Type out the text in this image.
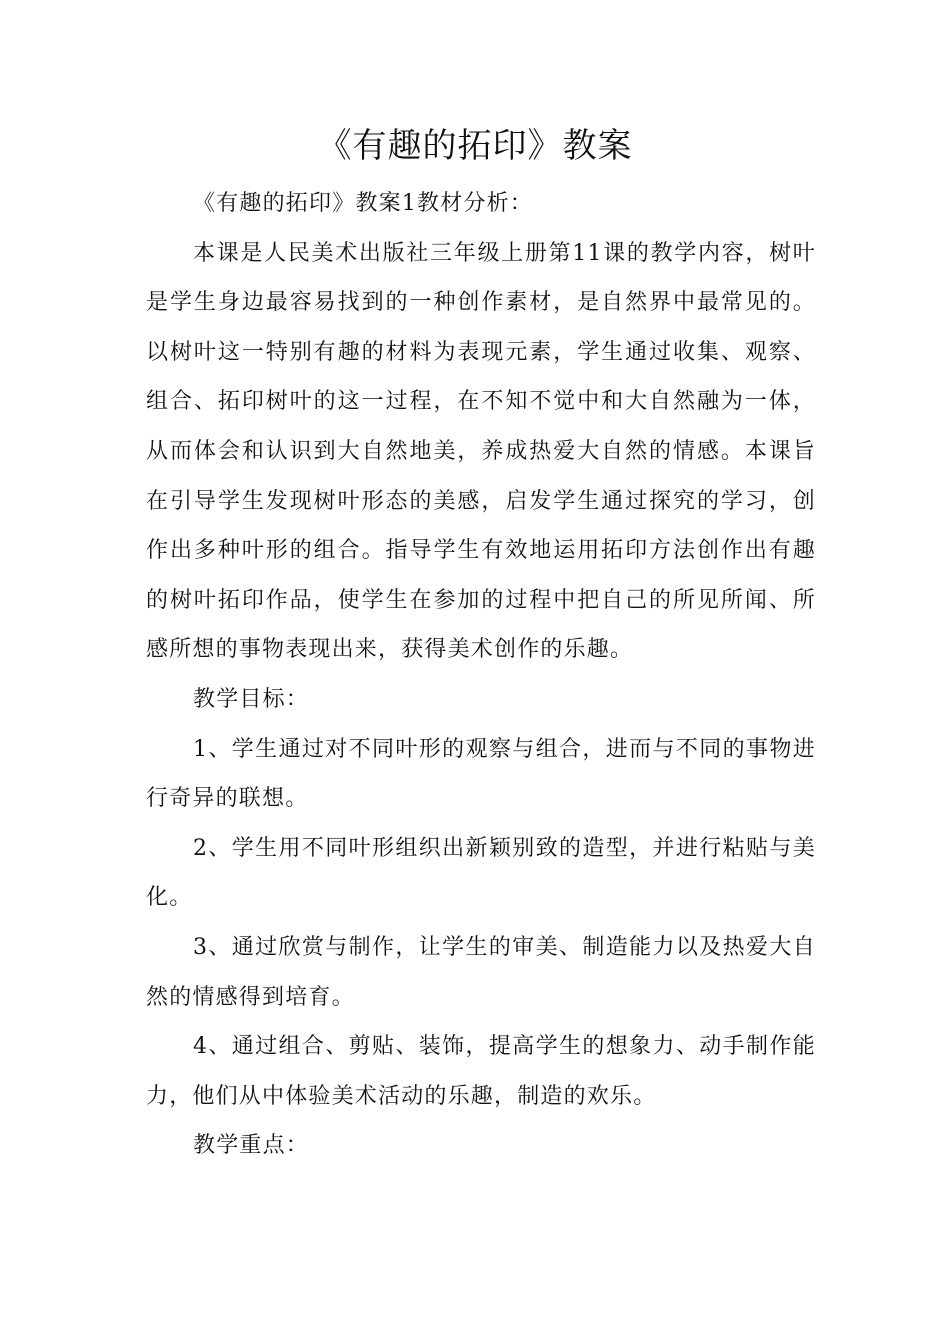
《有趣的拓印》教案

《有趣的拓印》教案1教材分析：

本课是人民美术出版社三年级上册第11课的教学内容，树叶是学生身边最容易找到的一种创作素材，是自然界中最常见的。以树叶这一特别有趣的材料为表现元素，学生通过收集、观察、组合、拓印树叶的这一过程，在不知不觉中和大自然融为一体，从而体会和认识到大自然地美，养成热爱大自然的情感。本课旨在引导学生发现树叶形态的美感，启发学生通过探究的学习，创作出多种叶形的组合。指导学生有效地运用拓印方法创作出有趣的树叶拓印作品，使学生在参加的过程中把自己的所见所闻、所感所想的事物表现出来，获得美术创作的乐趣。

教学目标：

1、学生通过对不同叶形的观察与组合，进而与不同的事物进行奇异的联想。

2、学生用不同叶形组织出新颖别致的造型，并进行粘贴与美化。

3、通过欣赏与制作，让学生的审美、制造能力以及热爱大自然的情感得到培育。

4、通过组合、剪贴、装饰，提高学生的想象力、动手制作能力，他们从中体验美术活动的乐趣，制造的欢乐。

教学重点：
